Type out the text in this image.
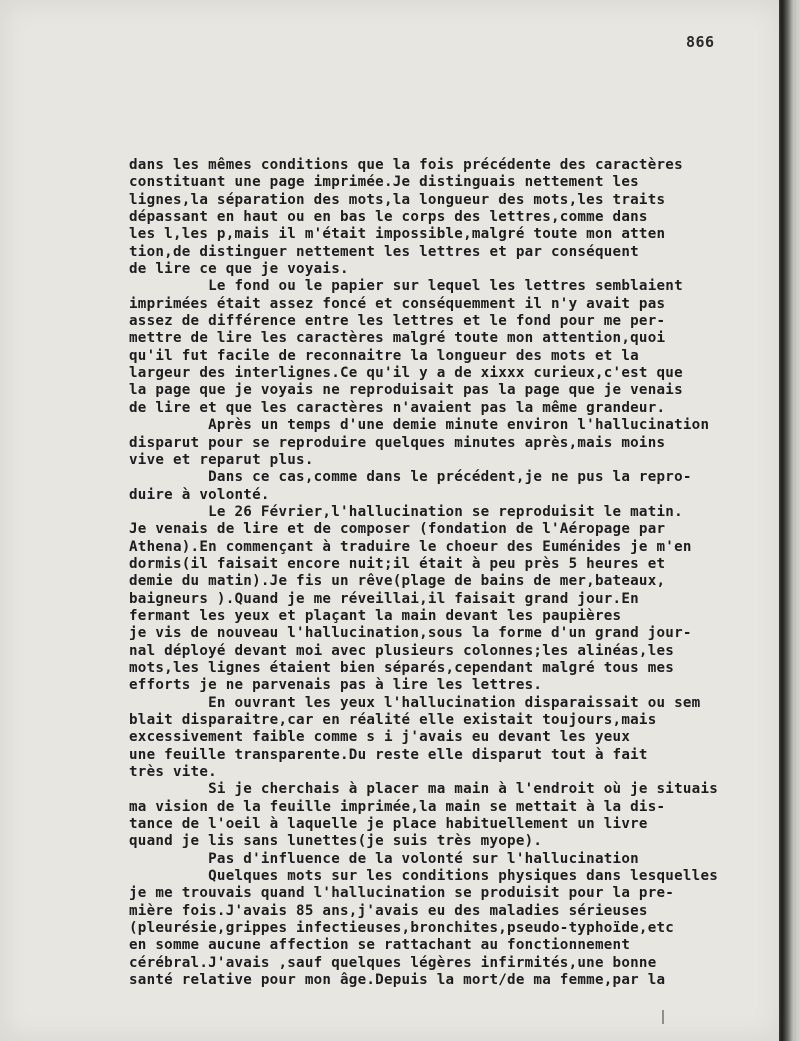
866
dans les mêmes conditions que la fois précédente des caractères
constituant une page imprimée.Je distinguais nettement les
lignes,la séparation des mots,la longueur des mots,les traits
dépassant en haut ou en bas le corps des lettres,comme dans
les l,les p,mais il m'était impossible,malgré toute mon atten
tion,de distinguer nettement les lettres et par conséquent
de lire ce que je voyais.
Le fond ou le papier sur lequel les lettres semblaient
imprimées était assez foncé et conséquemment il n'y avait pas
assez de différence entre les lettres et le fond pour me per-
mettre de lire les caractères malgré toute mon attention,quoi
qu'il fut facile de reconnaitre la longueur des mots et la
largeur des interlignes.Ce qu'il y a de xixxx curieux,c'est que
la page que je voyais ne reproduisait pas la page que je venais
de lire et que les caractères n'avaient pas la même grandeur.
Après un temps d'une demie minute environ l'hallucination
disparut pour se reproduire quelques minutes après,mais moins
vive et reparut plus.
Dans ce cas,comme dans le précédent,je ne pus la repro-
duire à volonté.
Le 26 Février,l'hallucination se reproduisit le matin.
Je venais de lire et de composer (fondation de l'Aéropage par
Athena).En commençant à traduire le choeur des Euménides je m'en
dormis(il faisait encore nuit;il était à peu près 5 heures et
demie du matin).Je fis un rêve(plage de bains de mer,bateaux,
baigneurs ).Quand je me réveillai,il faisait grand jour.En
fermant les yeux et plaçant la main devant les paupières
je vis de nouveau l'hallucination,sous la forme d'un grand jour-
nal déployé devant moi avec plusieurs colonnes;les alinéas,les
mots,les lignes étaient bien séparés,cependant malgré tous mes
efforts je ne parvenais pas à lire les lettres.
En ouvrant les yeux l'hallucination disparaissait ou sem
blait disparaitre,car en réalité elle existait toujours,mais
excessivement faible comme s i j'avais eu devant les yeux
une feuille transparente.Du reste elle disparut tout à fait
très vite.
Si je cherchais à placer ma main à l'endroit où je situais
ma vision de la feuille imprimée,la main se mettait à la dis-
tance de l'oeil à laquelle je place habituellement un livre
quand je lis sans lunettes(je suis très myope).
Pas d'influence de la volonté sur l'hallucination
Quelques mots sur les conditions physiques dans lesquelles
je me trouvais quand l'hallucination se produisit pour la pre-
mière fois.J'avais 85 ans,j'avais eu des maladies sérieuses
(pleurésie,grippes infectieuses,bronchites,pseudo-typhoïde,etc
en somme aucune affection se rattachant au fonctionnement
cérébral.J'avais ,sauf quelques légères infirmités,une bonne
santé relative pour mon âge.Depuis la mort/de ma femme,par la
